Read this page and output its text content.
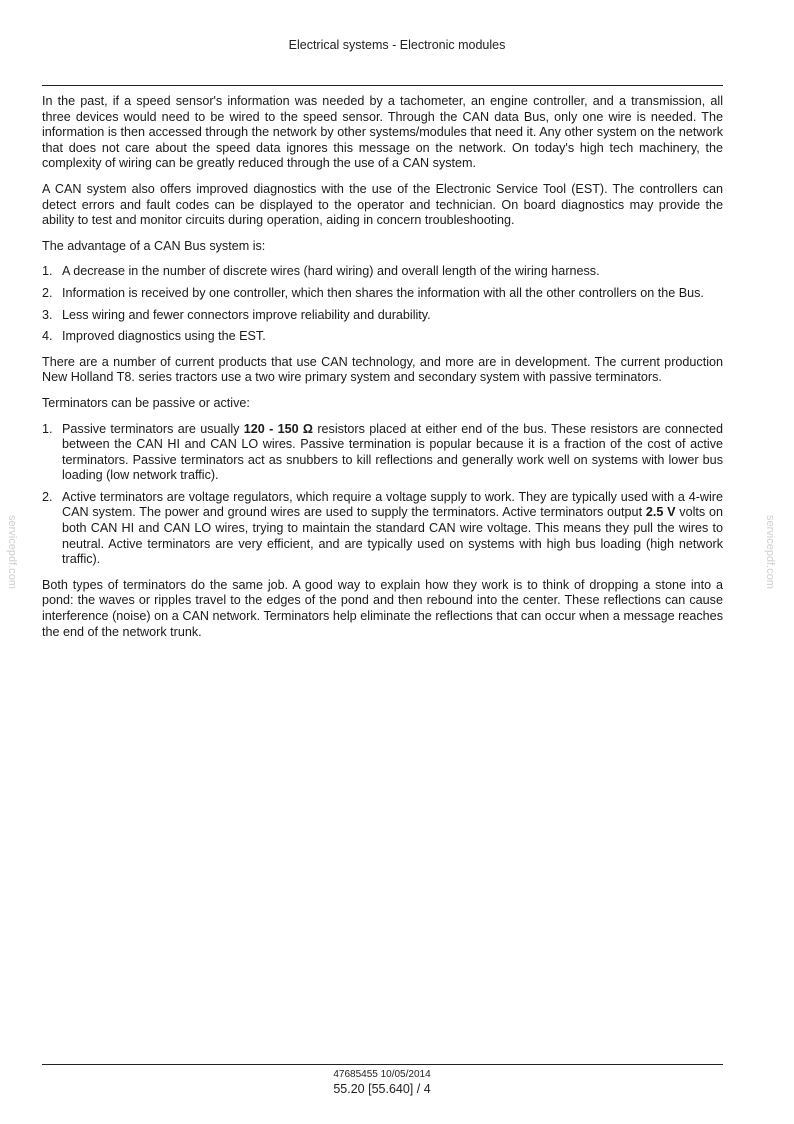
Electrical systems - Electronic modules

In the past, if a speed sensor's information was needed by a tachometer, an engine controller, and a transmission, all three devices would need to be wired to the speed sensor. Through the CAN data Bus, only one wire is needed. The information is then accessed through the network by other systems/modules that need it. Any other system on the network that does not care about the speed data ignores this message on the network. On today's high tech machinery, the complexity of wiring can be greatly reduced through the use of a CAN system.

A CAN system also offers improved diagnostics with the use of the Electronic Service Tool (EST). The controllers can detect errors and fault codes can be displayed to the operator and technician. On board diagnostics may provide the ability to test and monitor circuits during operation, aiding in concern troubleshooting.

The advantage of a CAN Bus system is:

1. A decrease in the number of discrete wires (hard wiring) and overall length of the wiring harness.
2. Information is received by one controller, which then shares the information with all the other controllers on the Bus.
3. Less wiring and fewer connectors improve reliability and durability.
4. Improved diagnostics using the EST.

There are a number of current products that use CAN technology, and more are in development. The current production New Holland T8. series tractors use a two wire primary system and secondary system with passive terminators.

Terminators can be passive or active:

1. Passive terminators are usually 120 - 150 Ω resistors placed at either end of the bus. These resistors are connected between the CAN HI and CAN LO wires. Passive termination is popular because it is a fraction of the cost of active terminators. Passive terminators act as snubbers to kill reflections and generally work well on systems with lower bus loading (low network traffic).
2. Active terminators are voltage regulators, which require a voltage supply to work. They are typically used with a 4-wire CAN system. The power and ground wires are used to supply the terminators. Active terminators output 2.5 V volts on both CAN HI and CAN LO wires, trying to maintain the standard CAN wire voltage. This means they pull the wires to neutral. Active terminators are very efficient, and are typically used on systems with high bus loading (high network traffic).

Both types of terminators do the same job. A good way to explain how they work is to think of dropping a stone into a pond: the waves or ripples travel to the edges of the pond and then rebound into the center. These reflections can cause interference (noise) on a CAN network. Terminators help eliminate the reflections that can occur when a message reaches the end of the network trunk.

servicepdf.com	servicepdf.com
47685455 10/05/2014
55.20 [55.640] / 4
